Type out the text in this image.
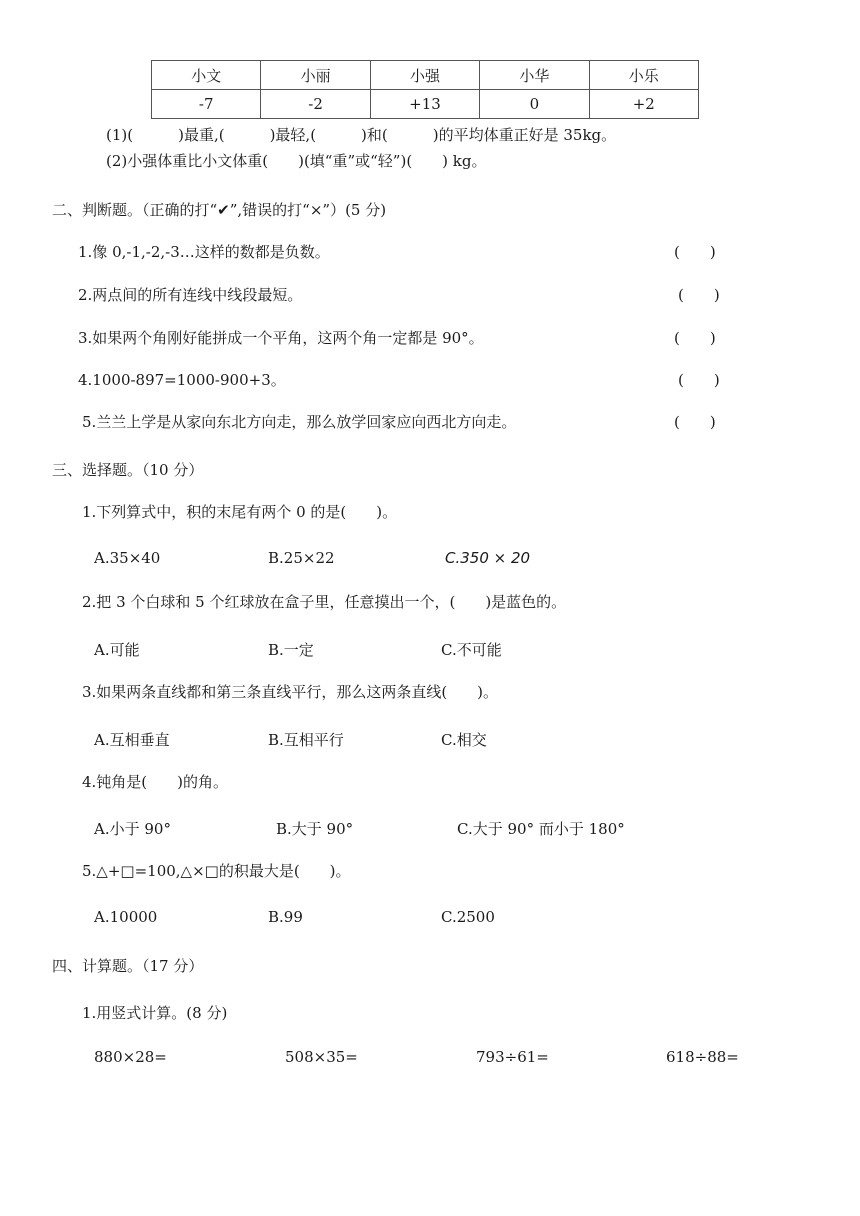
小文	小丽	小强	小华	小乐
-7	-2	+13	0	+2
(1)(　　　)最重,(　　　)最轻,(　　　)和(　　　)的平均体重正好是 35kg。
(2)小强体重比小文体重(　　)(填“重”或“轻”)(　　) kg。
二、判断题。（正确的打“✔”,错误的打“×”）(5 分)
1.像 0,-1,-2,-3…这样的数都是负数。	(　　)
2.两点间的所有连线中线段最短。	(　　)
3.如果两个角刚好能拼成一个平角，这两个角一定都是 90°。	(　　)
4.1000-897=1000-900+3。	(　　)
5.兰兰上学是从家向东北方向走，那么放学回家应向西北方向走。	(　　)
三、选择题。（10 分）
1.下列算式中，积的末尾有两个 0 的是(　　)。
A.35×40	B.25×22	C.350 × 20
2.把 3 个白球和 5 个红球放在盒子里，任意摸出一个，(　　)是蓝色的。
A.可能	B.一定	C.不可能
3.如果两条直线都和第三条直线平行，那么这两条直线(　　)。
A.互相垂直	B.互相平行	C.相交
4.钝角是(　　)的角。
A.小于 90°	B.大于 90°	C.大于 90° 而小于 180°
5.△+□=100,△×□的积最大是(　　)。
A.10000	B.99	C.2500
四、计算题。（17 分）
1.用竖式计算。(8 分)
880×28=	508×35=	793÷61=	618÷88=
